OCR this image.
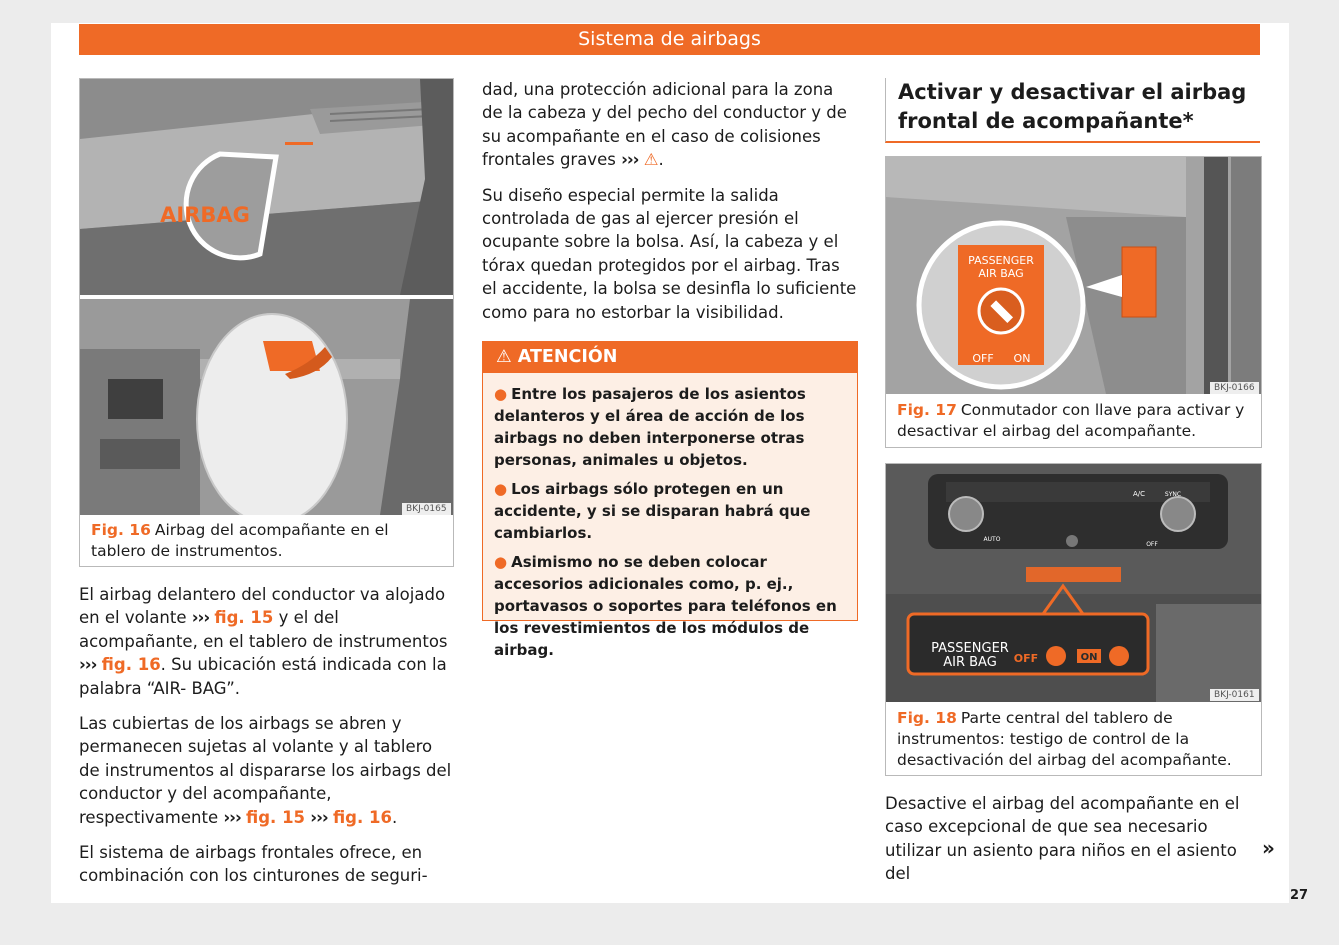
Sistema de airbags
AIRBAG
BKJ-0165
Fig. 16 Airbag del acompañante en el tablero de instrumentos.

El airbag delantero del conductor va alojado en el volante ››› fig. 15 y el del acompañante, en el tablero de instrumentos ››› fig. 16. Su ubicación está indicada con la palabra “AIR- BAG”.

Las cubiertas de los airbags se abren y permanecen sujetas al volante y al tablero de instrumentos al dispararse los airbags del conductor y del acompañante, respectivamente ››› fig. 15 ››› fig. 16.

El sistema de airbags frontales ofrece, en combinación con los cinturones de seguri-

dad, una protección adicional para la zona de la cabeza y del pecho del conductor y de su acompañante en el caso de colisiones frontales graves ››› ⚠.

Su diseño especial permite la salida controlada de gas al ejercer presión el ocupante sobre la bolsa. Así, la cabeza y el tórax quedan protegidos por el airbag. Tras el accidente, la bolsa se desinfla lo suficiente como para no estorbar la visibilidad.

⚠ ATENCIÓN
● Entre los pasajeros de los asientos delanteros y el área de acción de los airbags no deben interponerse otras personas, animales u objetos.
● Los airbags sólo protegen en un accidente, y si se disparan habrá que cambiarlos.
● Asimismo no se deben colocar accesorios adicionales como, p. ej., portavasos o soportes para teléfonos en los revestimientos de los módulos de airbag.
Activar y desactivar el airbag frontal de acompañante*
PASSENGER
AIR BAG
OFF ON
BKJ-0166
Fig. 17 Conmutador con llave para activar y desactivar el airbag del acompañante.
A/C	SYNC
AUTO
OFF
PASSENGER
AIR BAG OFF	ON
BKJ-0161
Fig. 18 Parte central del tablero de instrumentos: testigo de control de la desactivación del airbag del acompañante.

Desactive el airbag del acompañante en el caso excepcional de que sea necesario utilizar un asiento para niños en el asiento del

»
27
